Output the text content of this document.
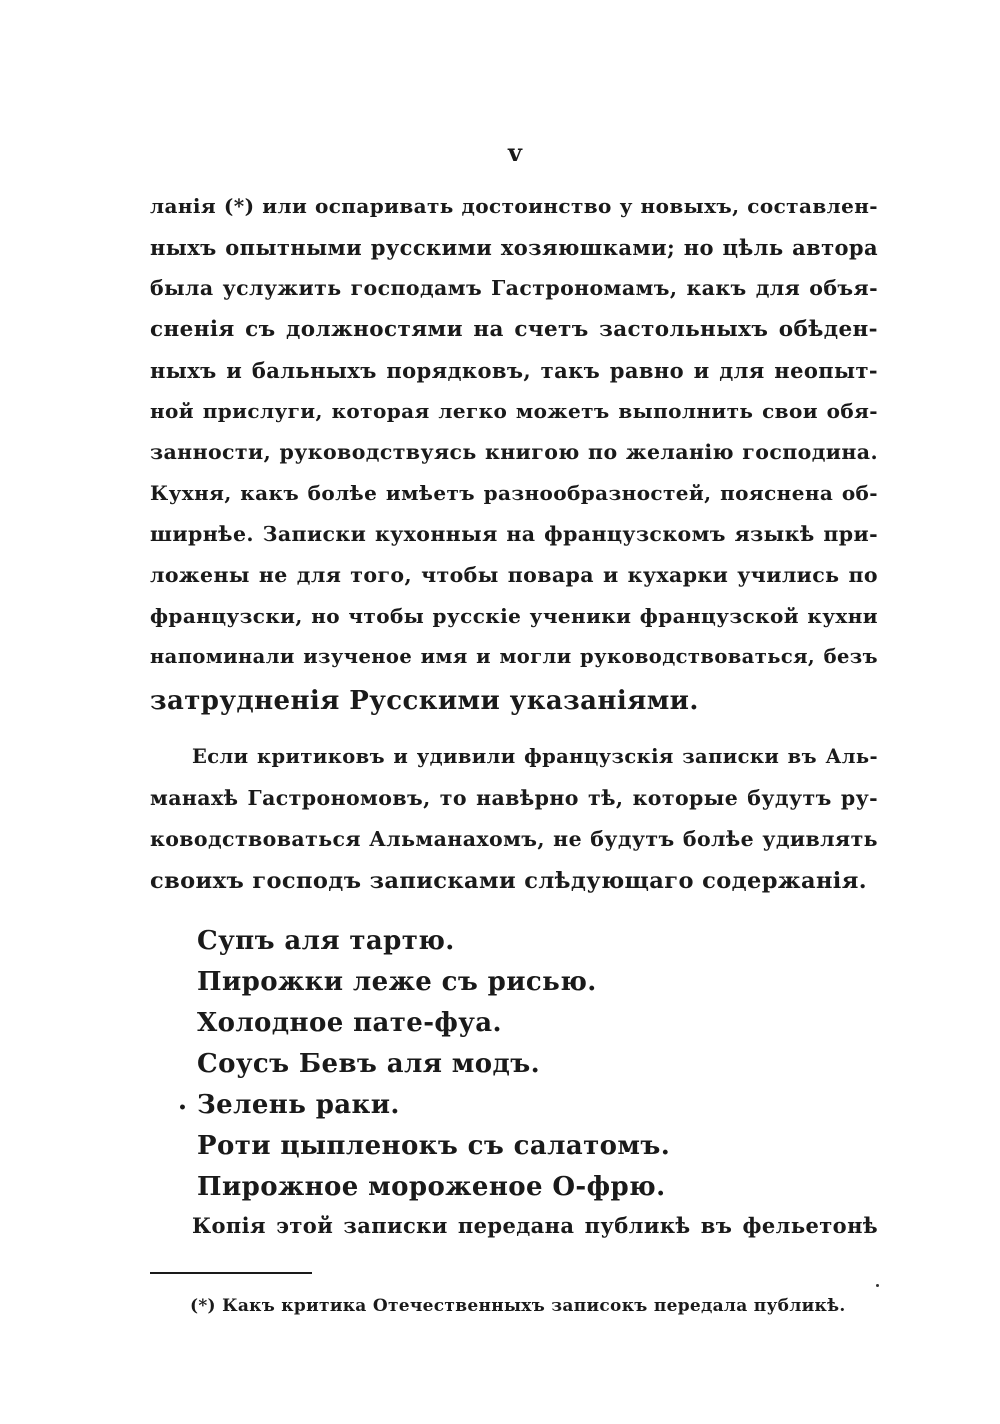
v
ланія (*) или оспаривать достоинство у новыхъ, составлен-
ныхъ опытными русскими хозяюшками; но цѣль автора
была услужить господамъ Гастрономамъ, какъ для объя-
сненія съ должностями на счетъ застольныхъ обѣден-
ныхъ и бальныхъ порядковъ, такъ равно и для неопыт-
ной прислуги, которая легко можетъ выполнить свои обя-
занности, руководствуясь книгою по желанію господина.
Кухня, какъ болѣе имѣетъ разнообразностей, пояснена об-
ширнѣе. Записки кухонныя на французскомъ языкѣ при-
ложены не для того, чтобы повара и кухарки учились по
французски, но чтобы русскіе ученики французской кухни
напоминали изученое имя и могли руководствоваться, безъ
затрудненія Русскими указаніями.
Если критиковъ и удивили французскія записки въ Аль-
манахѣ Гастрономовъ, то навѣрно тѣ, которые будутъ ру-
ководствоваться Альманахомъ, не будутъ болѣе удивлять
своихъ господъ записками слѣдующаго содержанія.
Супъ аля тартю.
Пирожки леже съ рисью.
Холодное пате-фуа.
Соусъ Бевъ аля модъ.
• Зелень раки.
Роти цыпленокъ съ салатомъ.
Пирожное мороженое О-фрю.
Копія этой записки передана публикѣ въ фельетонѣ
(*) Какъ критика Отечественныхъ записокъ передала публикѣ.
